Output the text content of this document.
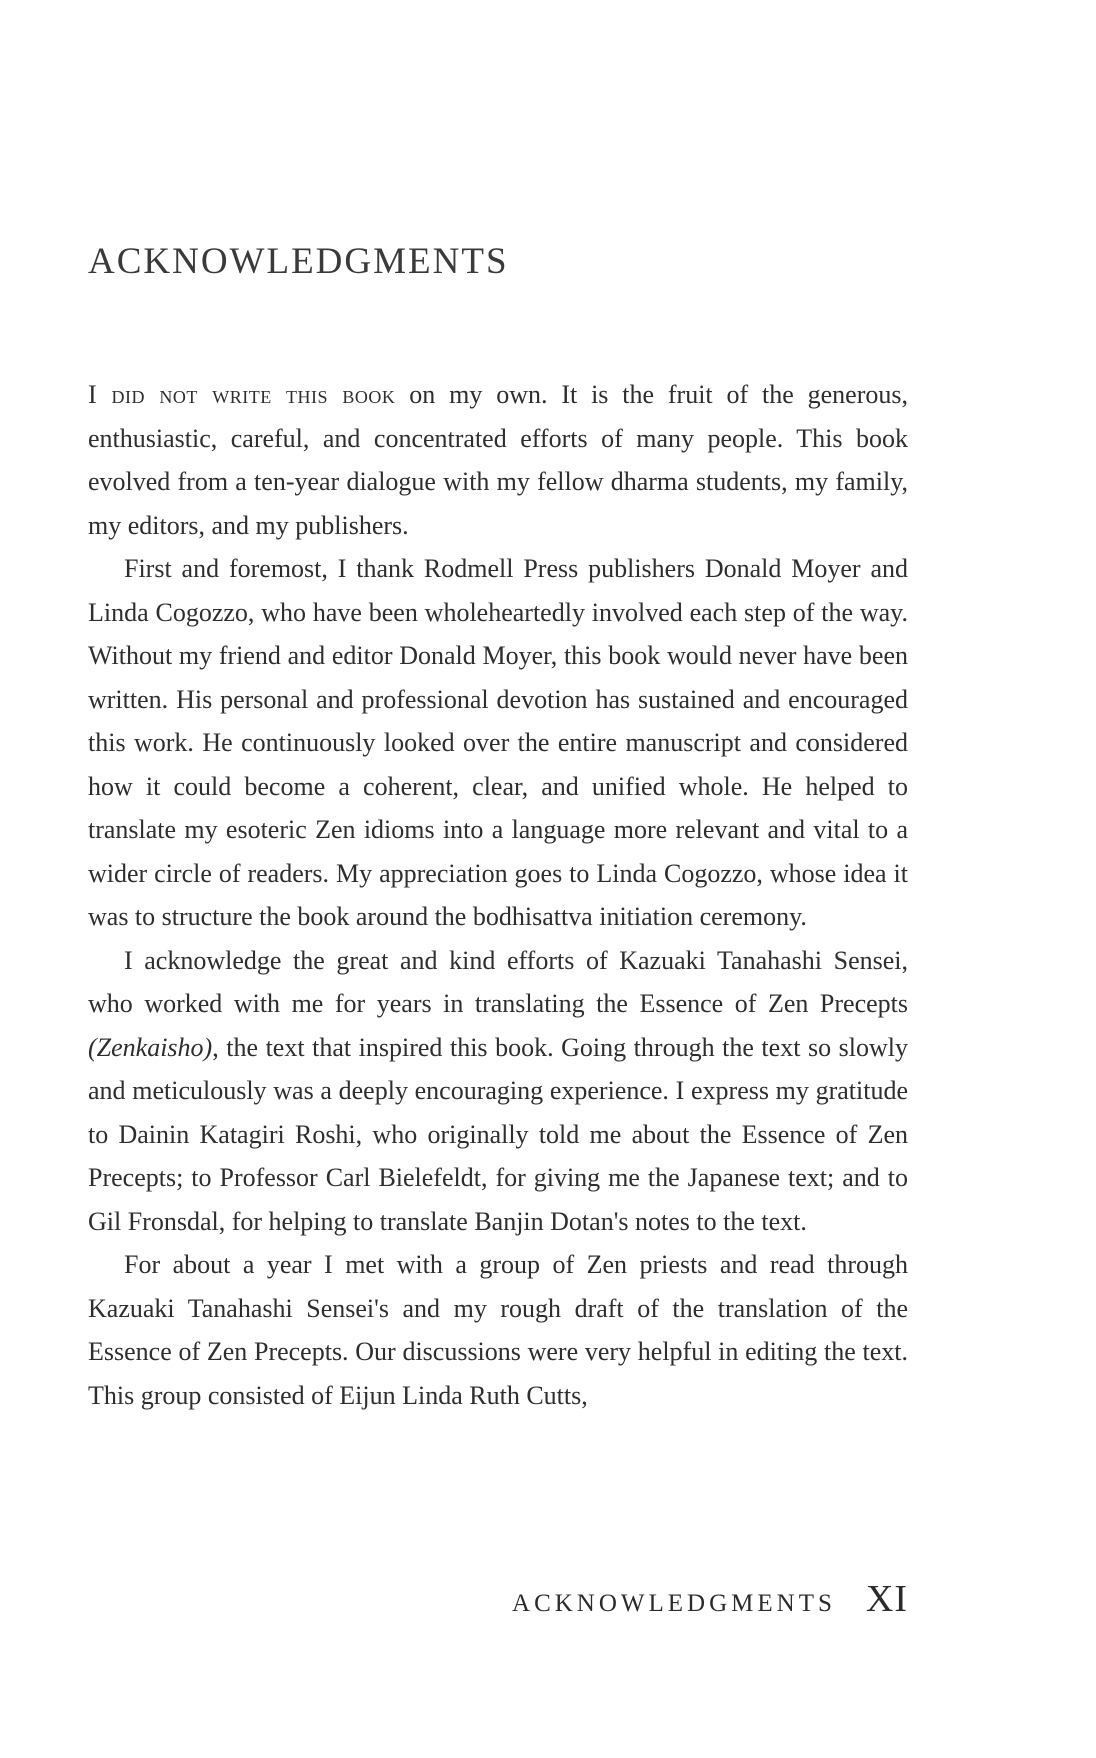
ACKNOWLEDGMENTS

I did not write this book on my own. It is the fruit of the generous, enthusiastic, careful, and concentrated efforts of many people. This book evolved from a ten-year dialogue with my fellow dharma students, my family, my editors, and my publishers.

First and foremost, I thank Rodmell Press publishers Donald Moyer and Linda Cogozzo, who have been wholeheartedly involved each step of the way. Without my friend and editor Donald Moyer, this book would never have been written. His personal and professional devotion has sustained and encouraged this work. He continuously looked over the entire manuscript and considered how it could become a coherent, clear, and unified whole. He helped to translate my esoteric Zen idioms into a language more relevant and vital to a wider circle of readers. My appreciation goes to Linda Cogozzo, whose idea it was to structure the book around the bodhisattva initiation ceremony.

I acknowledge the great and kind efforts of Kazuaki Tanahashi Sensei, who worked with me for years in translating the Essence of Zen Precepts (Zenkaisho), the text that inspired this book. Going through the text so slowly and meticulously was a deeply encouraging experience. I express my gratitude to Dainin Katagiri Roshi, who originally told me about the Essence of Zen Precepts; to Professor Carl Bielefeldt, for giving me the Japanese text; and to Gil Fronsdal, for helping to translate Banjin Dotan's notes to the text.

For about a year I met with a group of Zen priests and read through Kazuaki Tanahashi Sensei's and my rough draft of the translation of the Essence of Zen Precepts. Our discussions were very helpful in editing the text. This group consisted of Eijun Linda Ruth Cutts,

ACKNOWLEDGMENTS XI
